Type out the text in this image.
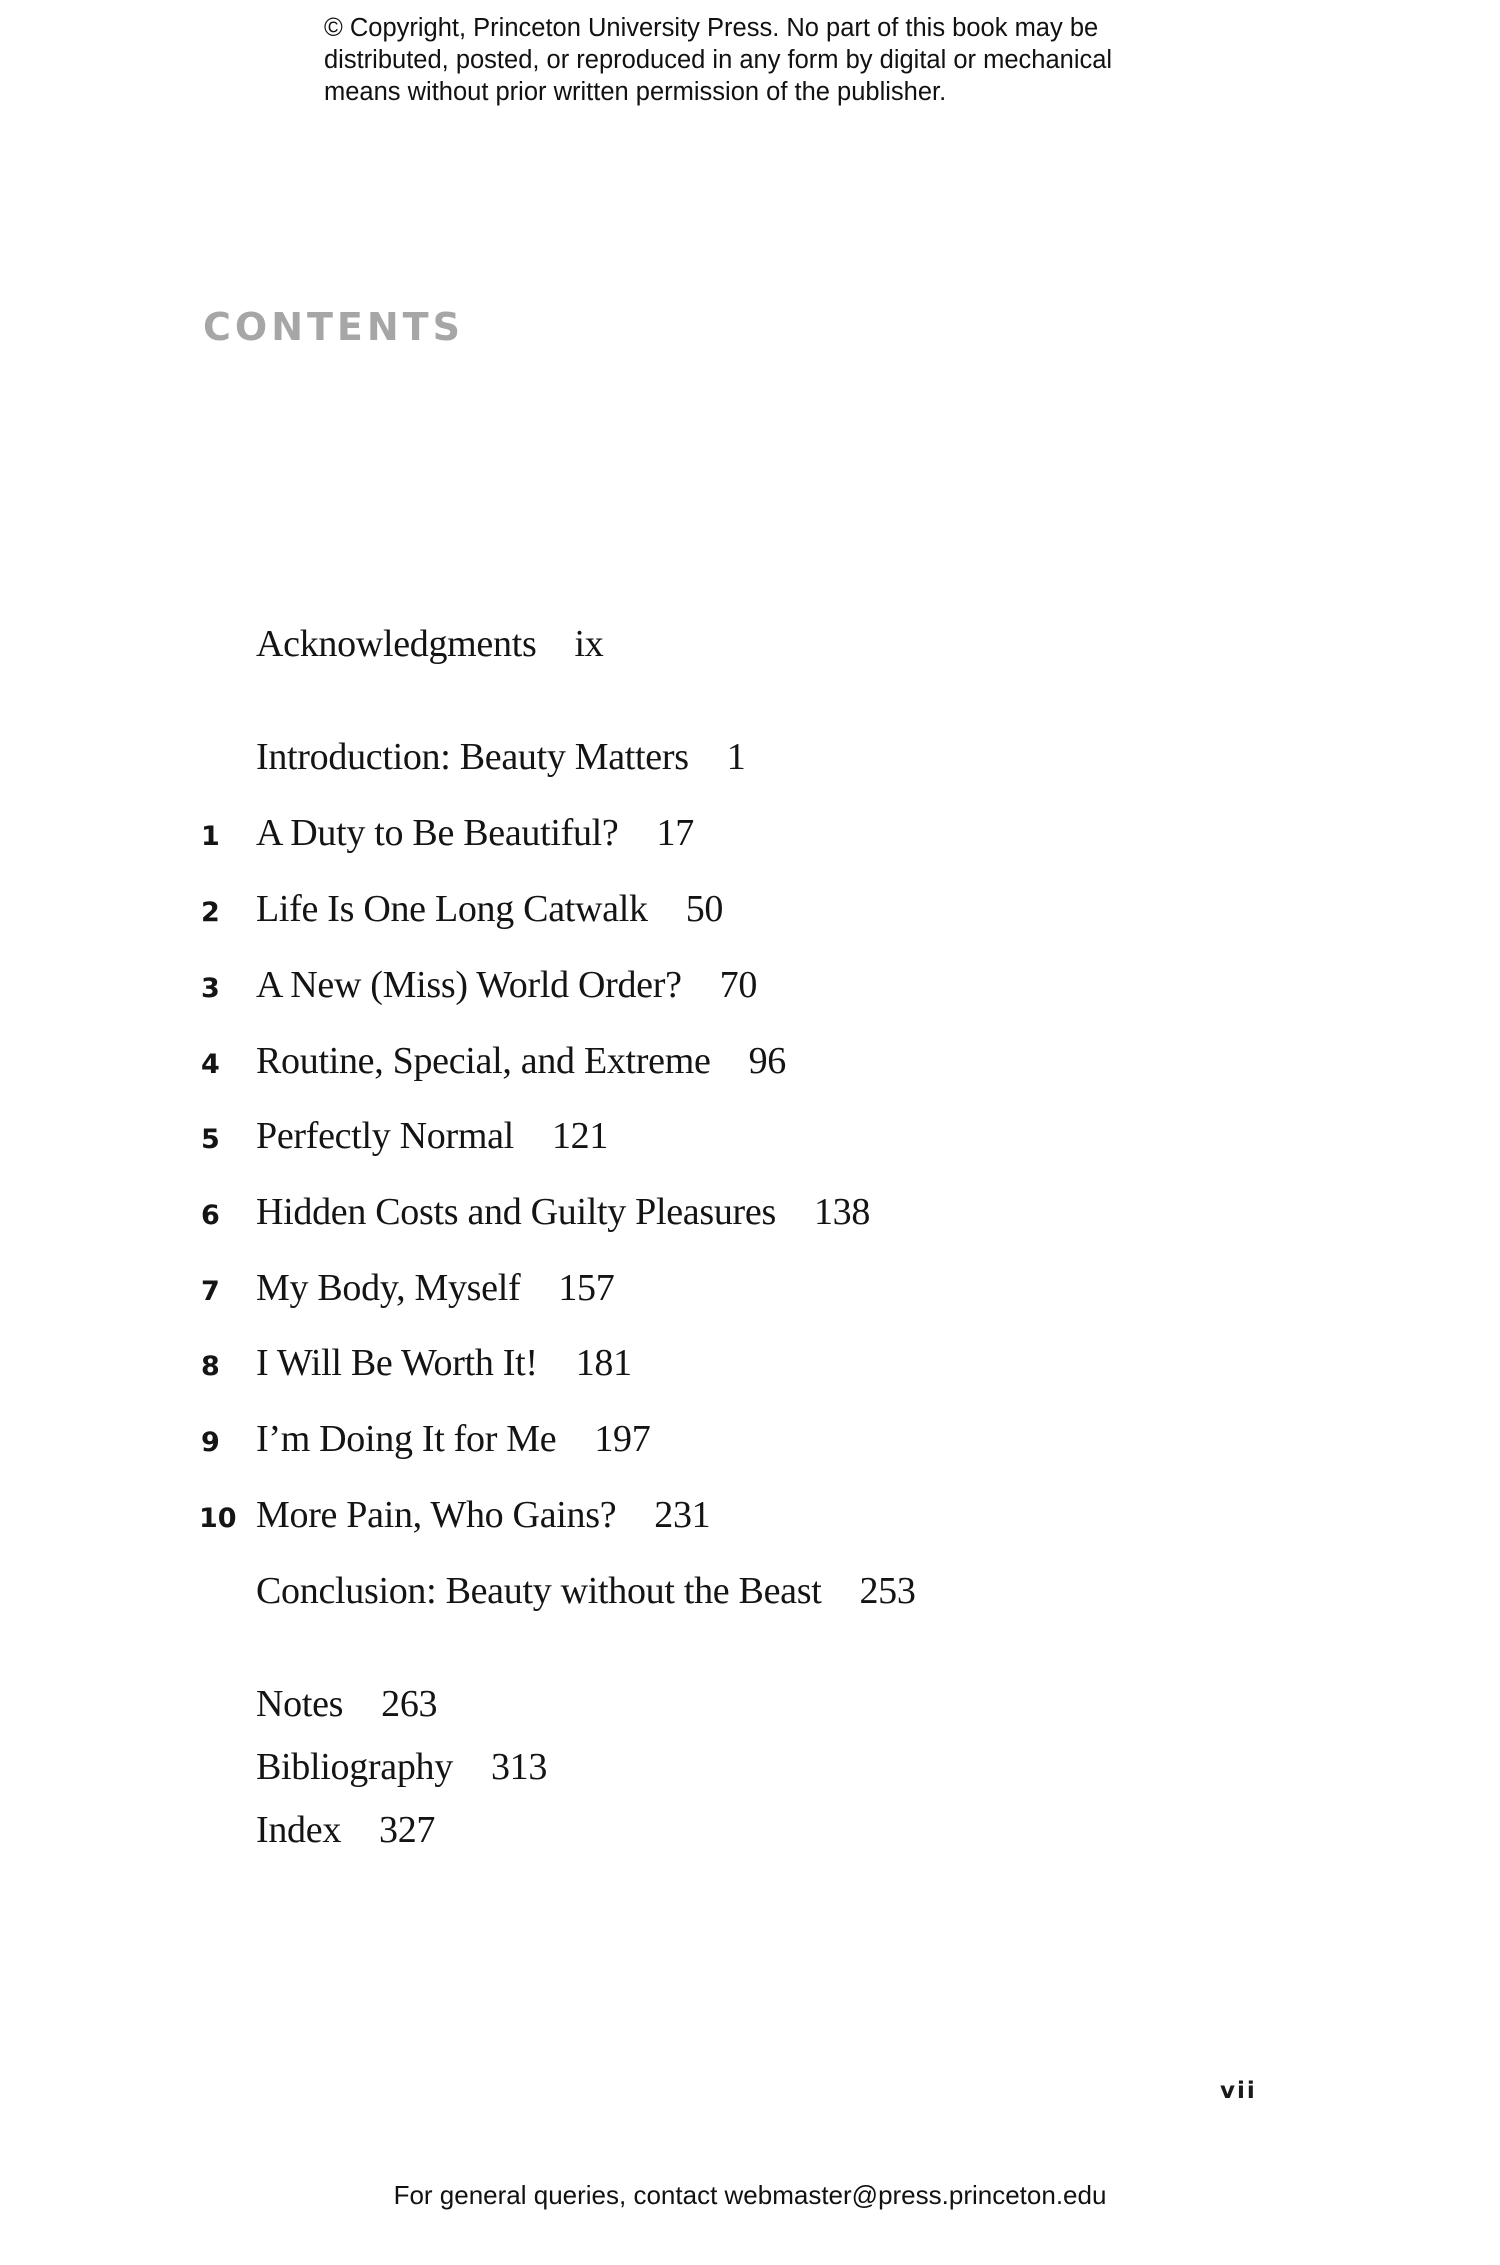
© Copyright, Princeton University Press. No part of this book may be
distributed, posted, or reproduced in any form by digital or mechanical
means without prior written permission of the publisher.
CONTENTS
Acknowledgments ix
Introduction: Beauty Matters 1
1 A Duty to Be Beautiful? 17
2 Life Is One Long Catwalk 50
3 A New (Miss) World Order? 70
4 Routine, Special, and Extreme 96
5 Perfectly Normal 121
6 Hidden Costs and Guilty Pleasures 138
7 My Body, Myself 157
8 I Will Be Worth It! 181
9 I’m Doing It for Me 197
10 More Pain, Who Gains? 231
Conclusion: Beauty without the Beast 253
Notes 263
Bibliography 313
Index 327
vii
For general queries, contact webmaster@press.princeton.edu
